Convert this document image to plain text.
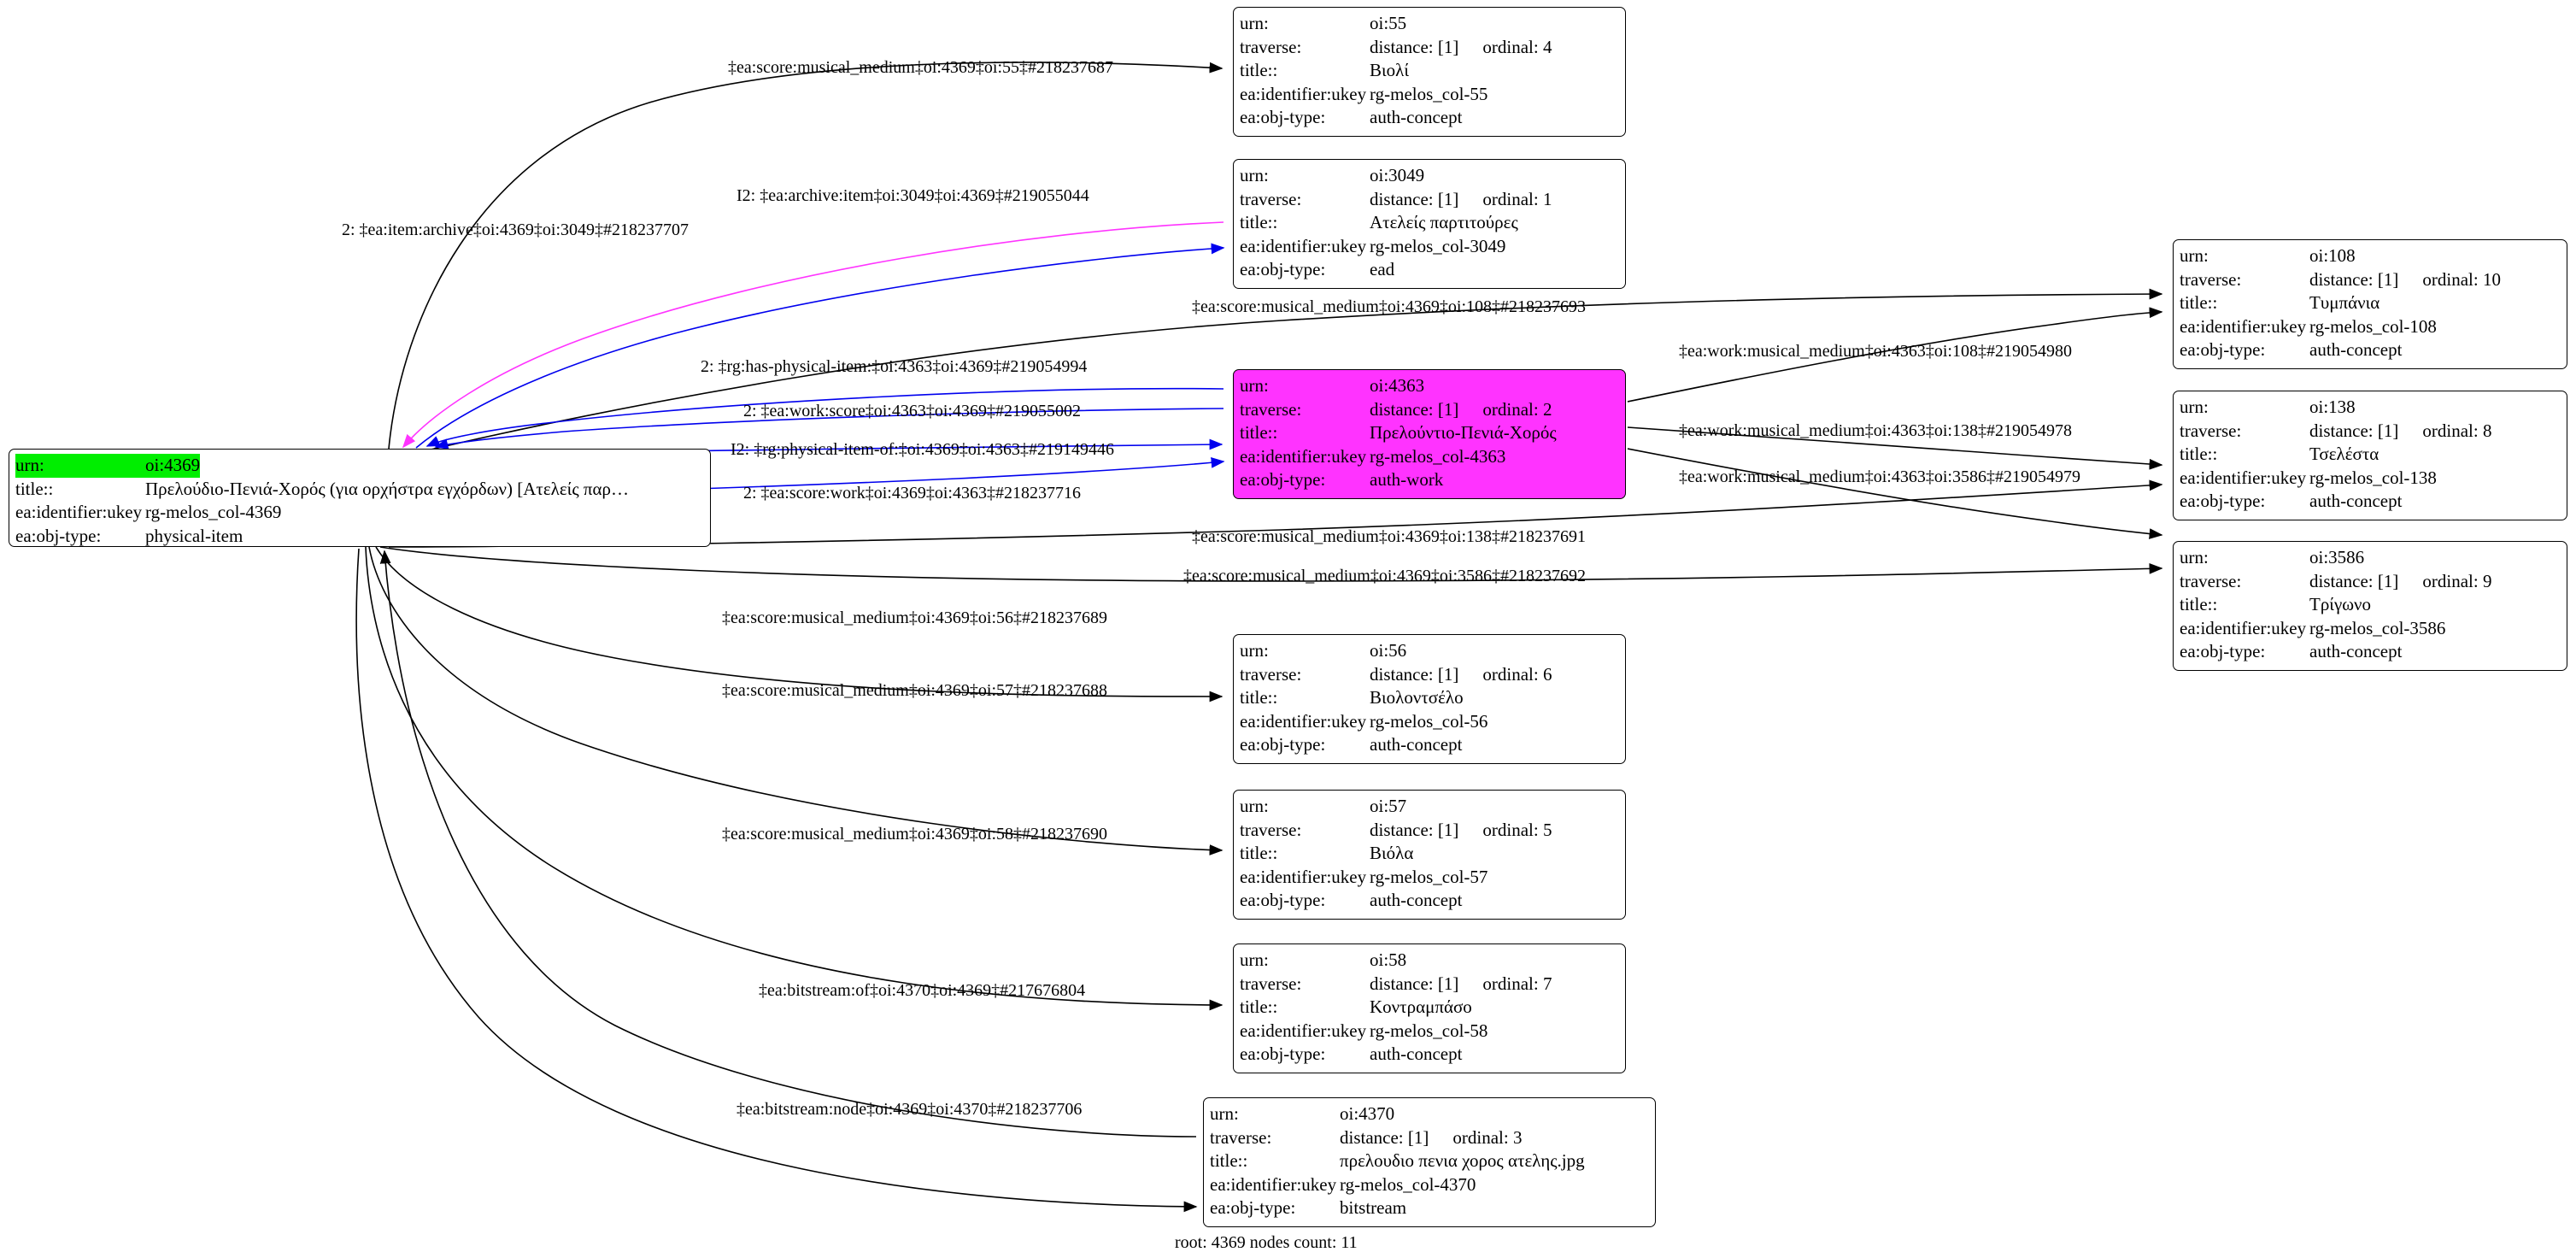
urn:	oi:4369
title::	Πρελούδιο-Πενιά-Χορός (για ορχήστρα εγχόρδων) [Ατελείς παρ…
ea:identifier:ukey rg-melos_col-4369
ea:obj-type: physical-item
urn:	oi:55
traverse:	distance: [1] ordinal: 4
title::	Βιολί
ea:identifier:ukey rg-melos_col-55
ea:obj-type: auth-concept
urn:	oi:3049
traverse:	distance: [1] ordinal: 1
title::	Ατελείς παρτιτούρες
ea:identifier:ukey rg-melos_col-3049
ea:obj-type: ead
urn:	oi:4363
traverse:	distance: [1] ordinal: 2
title::	Πρελούντιο-Πενιά-Χορός
ea:identifier:ukey rg-melos_col-4363
ea:obj-type: auth-work
urn:	oi:108
traverse:	distance: [1] ordinal: 10
title::	Τυμπάνια
ea:identifier:ukey rg-melos_col-108
ea:obj-type: auth-concept
urn:	oi:138
traverse:	distance: [1] ordinal: 8
title::	Τσελέστα
ea:identifier:ukey rg-melos_col-138
ea:obj-type: auth-concept
urn:	oi:3586
traverse:	distance: [1] ordinal: 9
title::	Τρίγωνο
ea:identifier:ukey rg-melos_col-3586
ea:obj-type: auth-concept
urn:	oi:56
traverse:	distance: [1] ordinal: 6
title::	Βιολοντσέλο
ea:identifier:ukey rg-melos_col-56
ea:obj-type: auth-concept
urn:	oi:57
traverse:	distance: [1] ordinal: 5
title::	Βιόλα
ea:identifier:ukey rg-melos_col-57
ea:obj-type: auth-concept
urn:	oi:58
traverse:	distance: [1] ordinal: 7
title::	Κοντραμπάσο
ea:identifier:ukey rg-melos_col-58
ea:obj-type: auth-concept
urn:	oi:4370
traverse:	distance: [1] ordinal: 3
title::	πρελουδιο πενια χορος ατελης.jpg
ea:identifier:ukey rg-melos_col-4370
ea:obj-type: bitstream
‡ea:score:musical_medium‡oi:4369‡oi:55‡#218237687
I2: ‡ea:archive:item‡oi:3049‡oi:4369‡#219055044
2: ‡ea:item:archive‡oi:4369‡oi:3049‡#218237707
‡ea:score:musical_medium‡oi:4369‡oi:108‡#218237693
2: ‡rg:has-physical-item:‡oi:4363‡oi:4369‡#219054994
2: ‡ea:work:score‡oi:4363‡oi:4369‡#219055002
I2: ‡rg:physical-item-of:‡oi:4369‡oi:4363‡#219149446
2: ‡ea:score:work‡oi:4369‡oi:4363‡#218237716
‡ea:work:musical_medium‡oi:4363‡oi:108‡#219054980
‡ea:work:musical_medium‡oi:4363‡oi:138‡#219054978
‡ea:work:musical_medium‡oi:4363‡oi:3586‡#219054979
‡ea:score:musical_medium‡oi:4369‡oi:138‡#218237691
‡ea:score:musical_medium‡oi:4369‡oi:3586‡#218237692
‡ea:score:musical_medium‡oi:4369‡oi:56‡#218237689
‡ea:score:musical_medium‡oi:4369‡oi:57‡#218237688
‡ea:score:musical_medium‡oi:4369‡oi:58‡#218237690
‡ea:bitstream:of‡oi:4370‡oi:4369‡#217676804
‡ea:bitstream:node‡oi:4369‡oi:4370‡#218237706
root: 4369 nodes count: 11
